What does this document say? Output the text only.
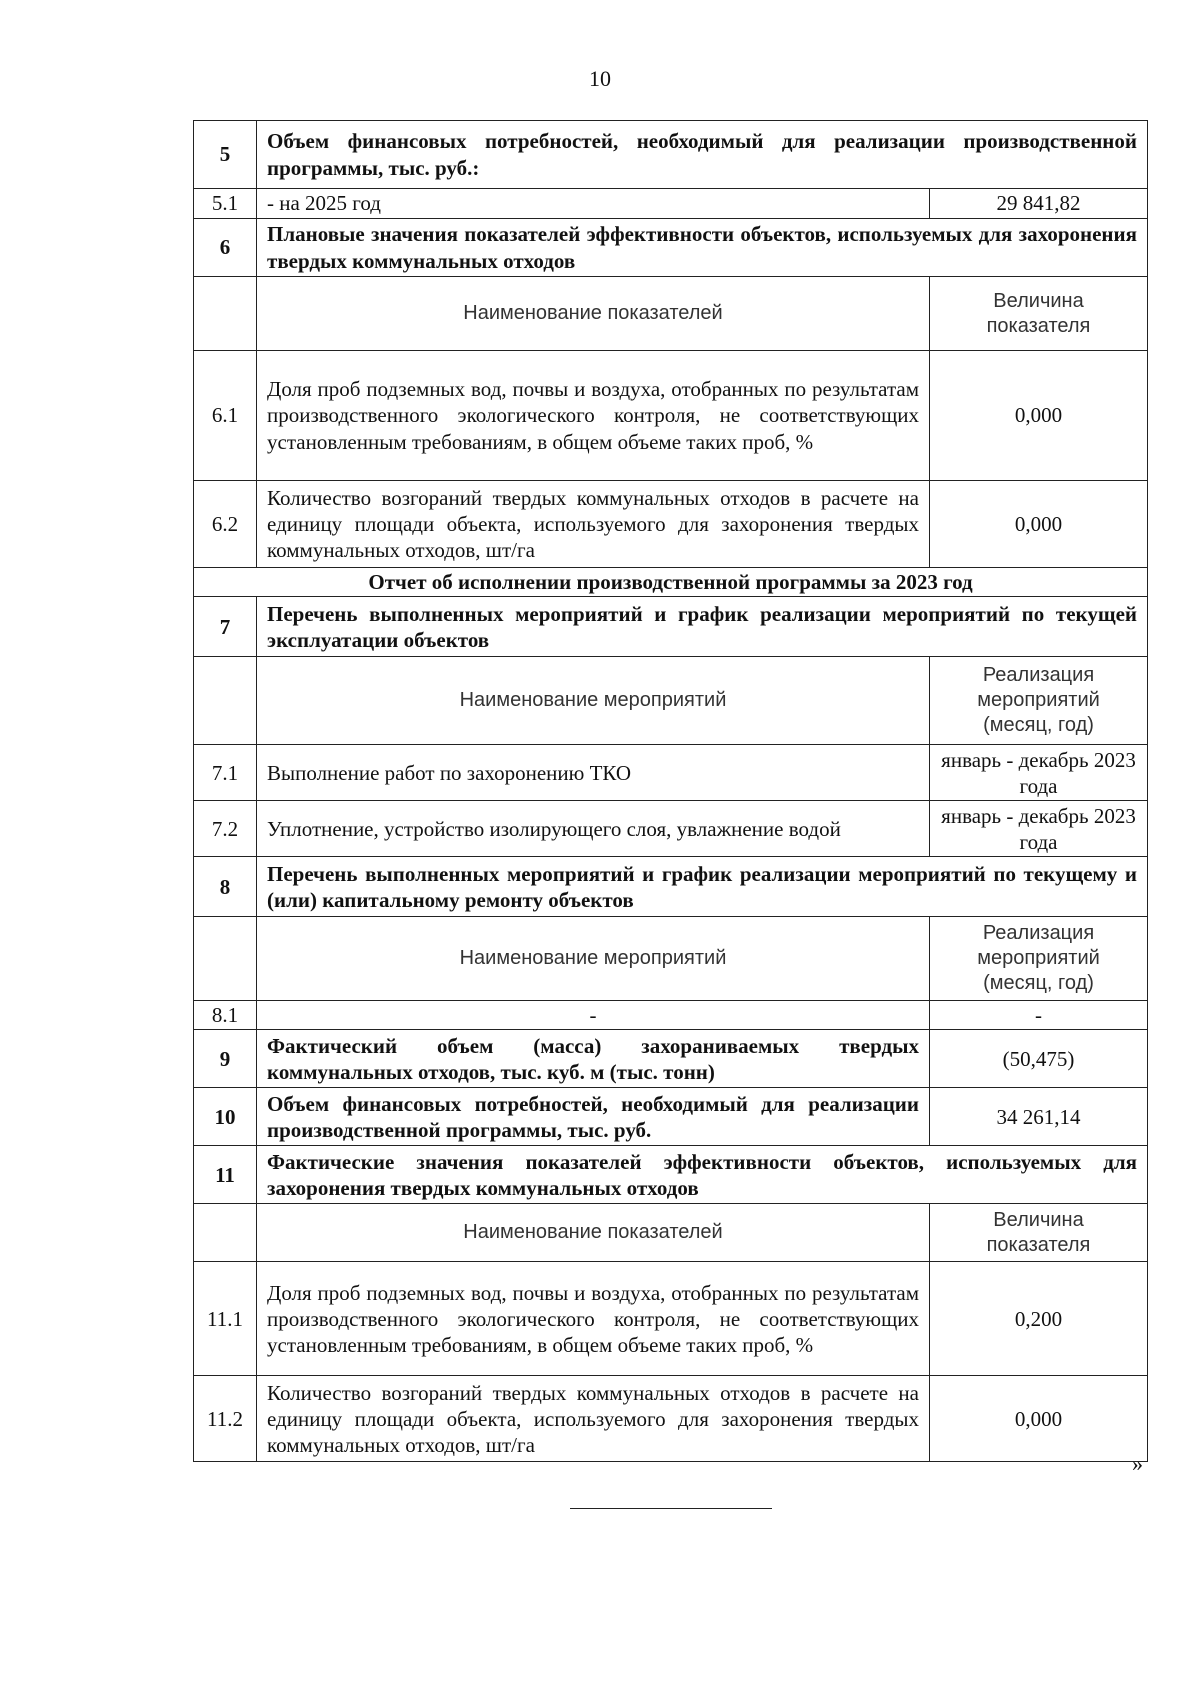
10
5	Объем финансовых потребностей, необходимый для реализации производственной программы, тыс. руб.:	
5.1	- на 2025 год	29 841,82
6	Плановые значения показателей эффективности объектов, используемых для захоронения твердых коммунальных отходов	
	Наименование показателей	Величина показателя
6.1	Доля проб подземных вод, почвы и воздуха, отобранных по результатам производственного экологического контроля, не соответствующих установленным требованиям, в общем объеме таких проб, %	0,000
6.2	Количество возгораний твердых коммунальных отходов в расчете на единицу площади объекта, используемого для захоронения твердых коммунальных отходов, шт/га	0,000
Отчет об исполнении производственной программы за 2023 год		
7	Перечень выполненных мероприятий и график реализации мероприятий по текущей эксплуатации объектов	
	Наименование мероприятий	Реализация мероприятий (месяц, год)
7.1	Выполнение работ по захоронению ТКО	январь - декабрь 2023 года
7.2	Уплотнение, устройство изолирующего слоя, увлажнение водой	январь - декабрь 2023 года
8	Перечень выполненных мероприятий и график реализации мероприятий по текущему и (или) капитальному ремонту объектов	
	Наименование мероприятий	Реализация мероприятий (месяц, год)
8.1	-	-
9	Фактический объем (масса) захораниваемых твердых коммунальных отходов, тыс. куб. м (тыс. тонн)	(50,475)
10	Объем финансовых потребностей, необходимый для реализации производственной программы, тыс. руб.	34 261,14
11	Фактические значения показателей эффективности объектов, используемых для захоронения твердых коммунальных отходов	
	Наименование показателей	Величина показателя
11.1	Доля проб подземных вод, почвы и воздуха, отобранных по результатам производственного экологического контроля, не соответствующих установленным требованиям, в общем объеме таких проб, %	0,200
11.2	Количество возгораний твердых коммунальных отходов в расчете на единицу площади объекта, используемого для захоронения твердых коммунальных отходов, шт/га	0,000
»
